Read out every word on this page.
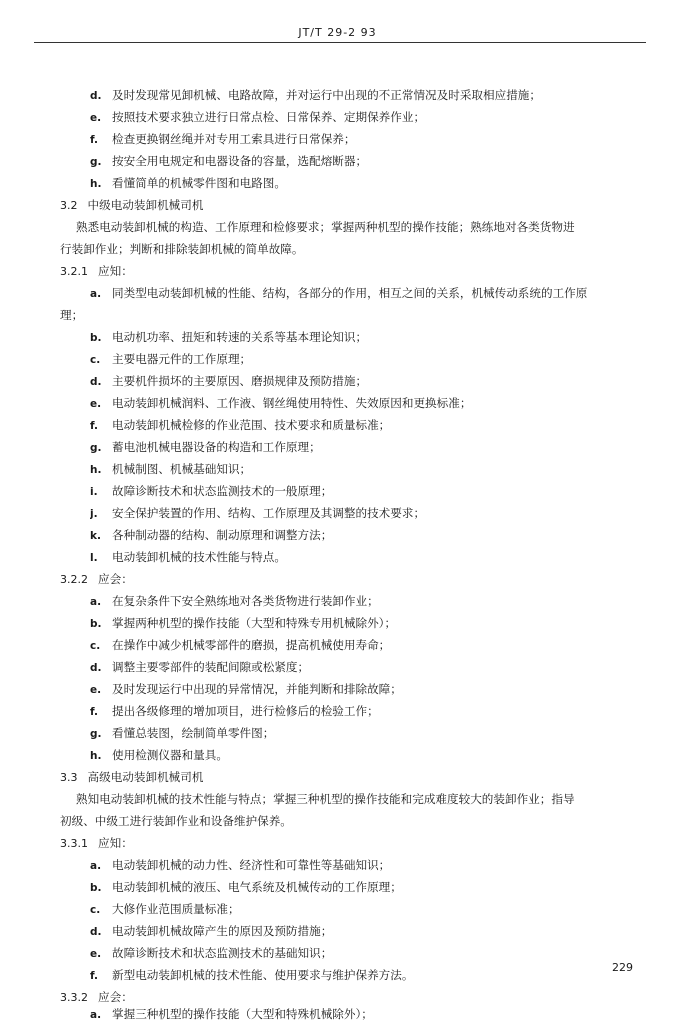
JT/T 29-2 93
d. 及时发现常见卸机械、电路故障，并对运行中出现的不正常情况及时采取相应措施；
e. 按照技术要求独立进行日常点检、日常保养、定期保养作业；
f. 检查更换钢丝绳并对专用工索具进行日常保养；
g. 按安全用电规定和电器设备的容量，选配熔断器；
h. 看懂简单的机械零件图和电路图。
3.2 中级电动装卸机械司机
熟悉电动装卸机械的构造、工作原理和检修要求；掌握两种机型的操作技能；熟练地对各类货物进
行装卸作业；判断和排除装卸机械的简单故障。
3.2.1 应知：
a. 同类型电动装卸机械的性能、结构，各部分的作用，相互之间的关系，机械传动系统的工作原
理；
b. 电动机功率、扭矩和转速的关系等基本理论知识；
c. 主要电器元件的工作原理；
d. 主要机件损坏的主要原因、磨损规律及预防措施；
e. 电动装卸机械润料、工作液、钢丝绳使用特性、失效原因和更换标准；
f. 电动装卸机械检修的作业范围、技术要求和质量标准；
g. 蓄电池机械电器设备的构造和工作原理；
h. 机械制图、机械基础知识；
i. 故障诊断技术和状态监测技术的一般原理；
j. 安全保护装置的作用、结构、工作原理及其调整的技术要求；
k. 各种制动器的结构、制动原理和调整方法；
l. 电动装卸机械的技术性能与特点。
3.2.2 应会：
a. 在复杂条件下安全熟练地对各类货物进行装卸作业；
b. 掌握两种机型的操作技能（大型和特殊专用机械除外）；
c. 在操作中减少机械零部件的磨损，提高机械使用寿命；
d. 调整主要零部件的装配间隙或松紧度；
e. 及时发现运行中出现的异常情况，并能判断和排除故障；
f. 提出各级修理的增加项目，进行检修后的检验工作；
g. 看懂总装图，绘制简单零件图；
h. 使用检测仪器和量具。
3.3 高级电动装卸机械司机
熟知电动装卸机械的技术性能与特点；掌握三种机型的操作技能和完成难度较大的装卸作业；指导
初级、中级工进行装卸作业和设备维护保养。
3.3.1 应知：
a. 电动装卸机械的动力性、经济性和可靠性等基础知识；
b. 电动装卸机械的液压、电气系统及机械传动的工作原理；
c. 大修作业范围质量标准；
d. 电动装卸机械故障产生的原因及预防措施；
e. 故障诊断技术和状态监测技术的基础知识；
f. 新型电动装卸机械的技术性能、使用要求与维护保养方法。
3.3.2 应会：
a. 掌握三种机型的操作技能（大型和特殊机械除外）；
229
